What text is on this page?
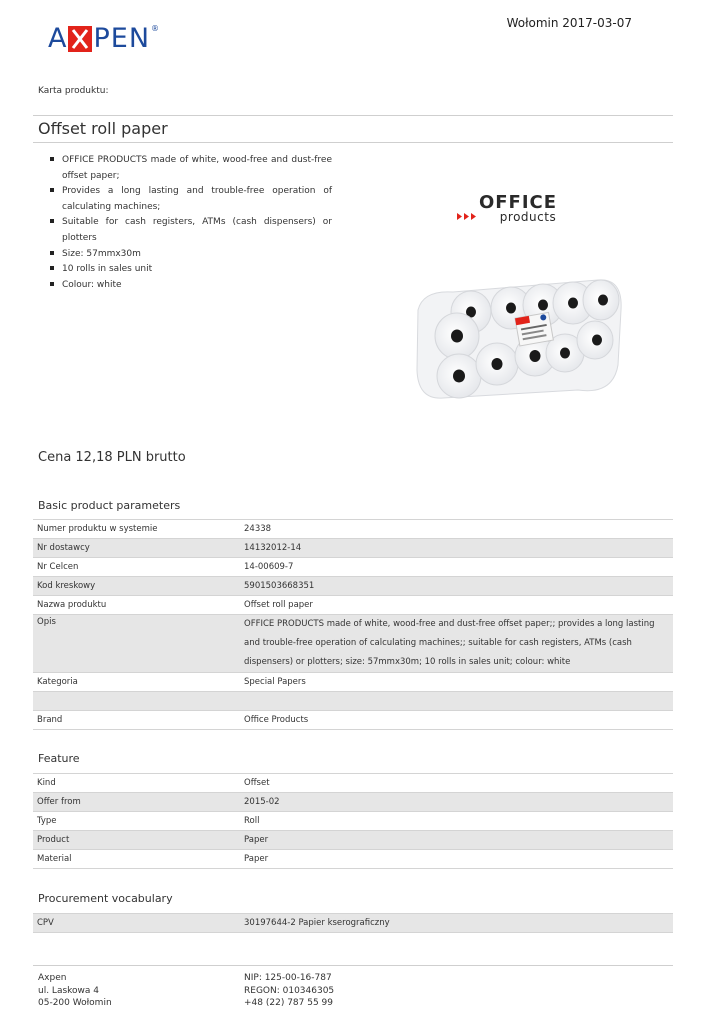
A PEN ®	Wołomin 2017-03-07
Karta produktu:
Offset roll paper
OFFICE PRODUCTS made of white, wood-free and dust-free offset paper;
Provides a long lasting and trouble-free operation of calculating machines;
Suitable for cash registers, ATMs (cash dispensers) or plotters
Size: 57mmx30m
10 rolls in sales unit
Colour: white
OFFICE
products
Cena 12,18 PLN brutto
Basic product parameters
Numer produktu w systemie	24338
Nr dostawcy	14132012-14
Nr Celcen	14-00609-7
Kod kreskowy	5901503668351
Nazwa produktu	Offset roll paper
Opis	OFFICE PRODUCTS made of white, wood-free and dust-free offset paper;; provides a long lasting and trouble-free operation of calculating machines;; suitable for cash registers, ATMs (cash dispensers) or plotters; size: 57mmx30m; 10 rolls in sales unit; colour: white
Kategoria	Special Papers

Brand	Office Products
Feature
Kind	Offset
Offer from	2015-02
Type	Roll
Product	Paper
Material	Paper
Procurement vocabulary
CPV	30197644-2 Papier kserograficzny
Axpen
ul. Laskowa 4
05-200 Wołomin
NIP: 125-00-16-787
REGON: 010346305
+48 (22) 787 55 99
